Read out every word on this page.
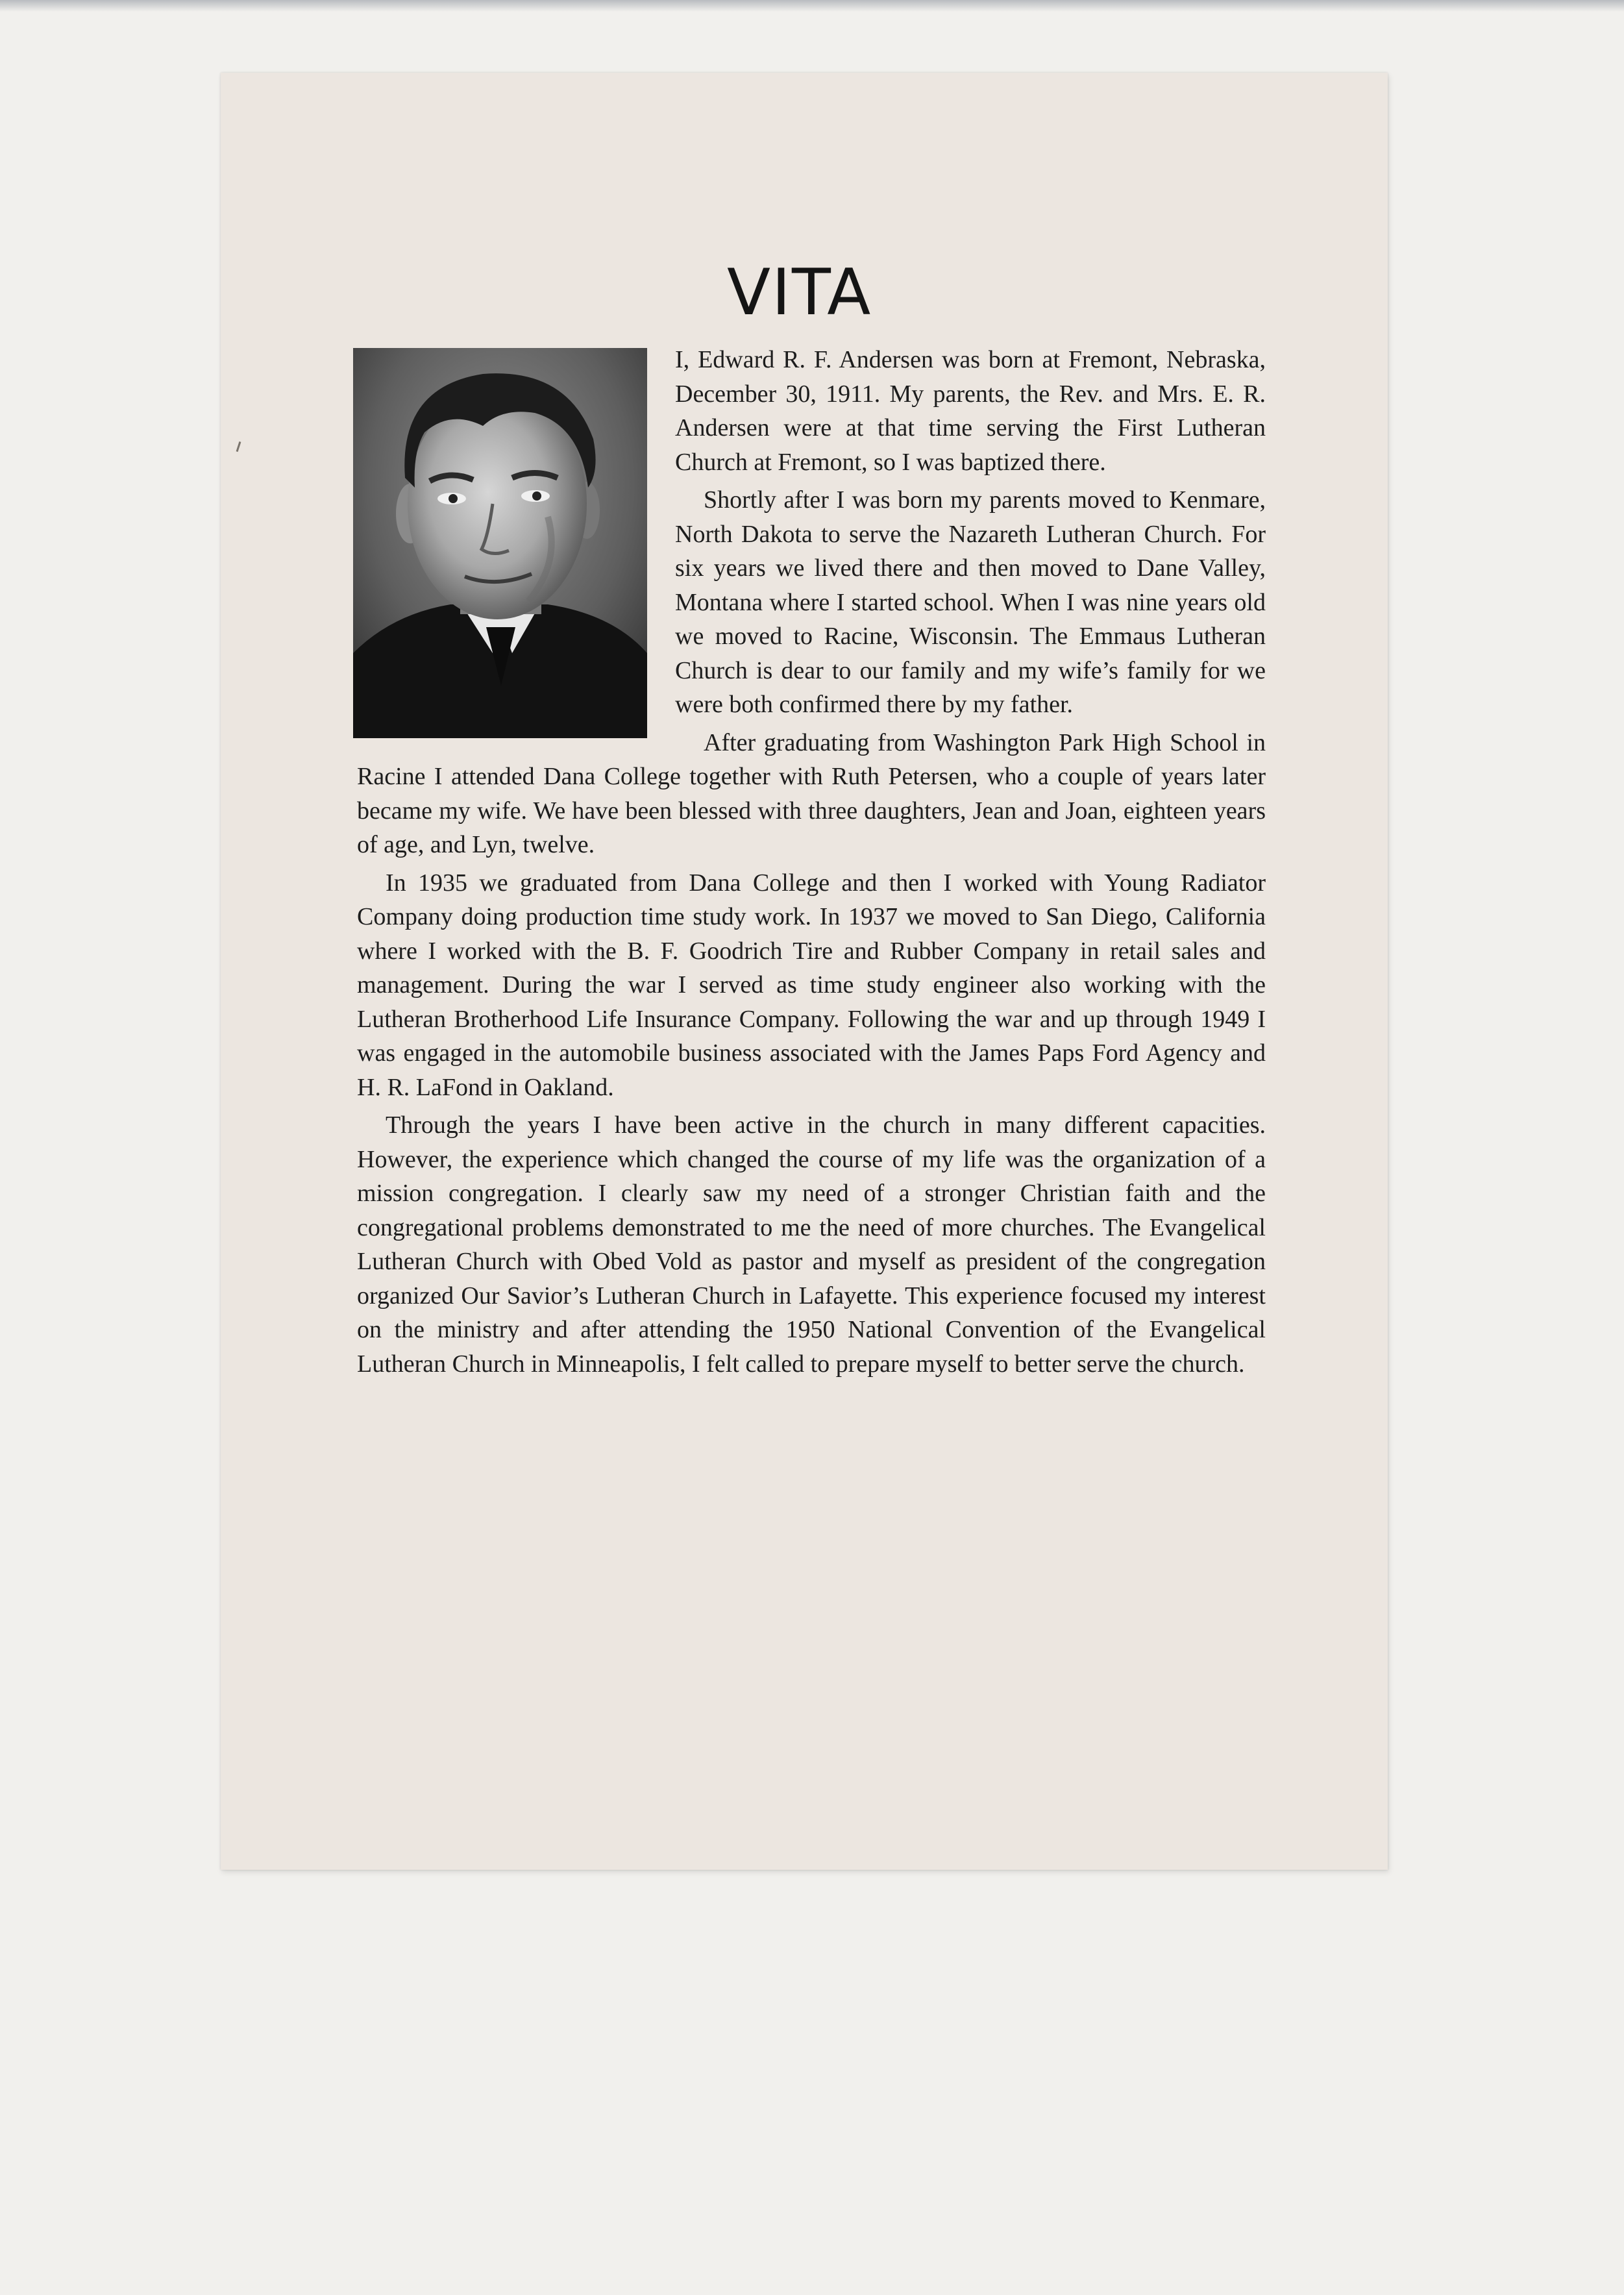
VITA

I, Edward R. F. Andersen was born at Fremont, Nebraska, December 30, 1911. My parents, the Rev. and Mrs. E. R. Andersen were at that time serving the First Lutheran Church at Fremont, so I was baptized there.

Shortly after I was born my parents moved to Kenmare, North Dakota to serve the Nazareth Lutheran Church. For six years we lived there and then moved to Dane Valley, Montana where I started school. When I was nine years old we moved to Racine, Wisconsin. The Emmaus Lutheran Church is dear to our family and my wife’s family for we were both confirmed there by my father.

After graduating from Washington Park High School in Racine I attended Dana College together with Ruth Petersen, who a couple of years later became my wife. We have been blessed with three daughters, Jean and Joan, eighteen years of age, and Lyn, twelve.

In 1935 we graduated from Dana College and then I worked with Young Radiator Company doing production time study work. In 1937 we moved to San Diego, California where I worked with the B. F. Goodrich Tire and Rubber Company in retail sales and management. During the war I served as time study engineer also working with the Lutheran Brotherhood Life Insurance Company. Following the war and up through 1949 I was engaged in the automobile business associated with the James Paps Ford Agency and H. R. LaFond in Oakland.

Through the years I have been active in the church in many different capacities. However, the experience which changed the course of my life was the organization of a mission congregation. I clearly saw my need of a stronger Christian faith and the congregational problems demonstrated to me the need of more churches. The Evangelical Lutheran Church with Obed Vold as pastor and myself as president of the congregation organized Our Savior’s Lutheran Church in Lafayette. This experience focused my interest on the ministry and after attending the 1950 National Convention of the Evangelical Lutheran Church in Minneapolis, I felt called to prepare myself to better serve the church.
